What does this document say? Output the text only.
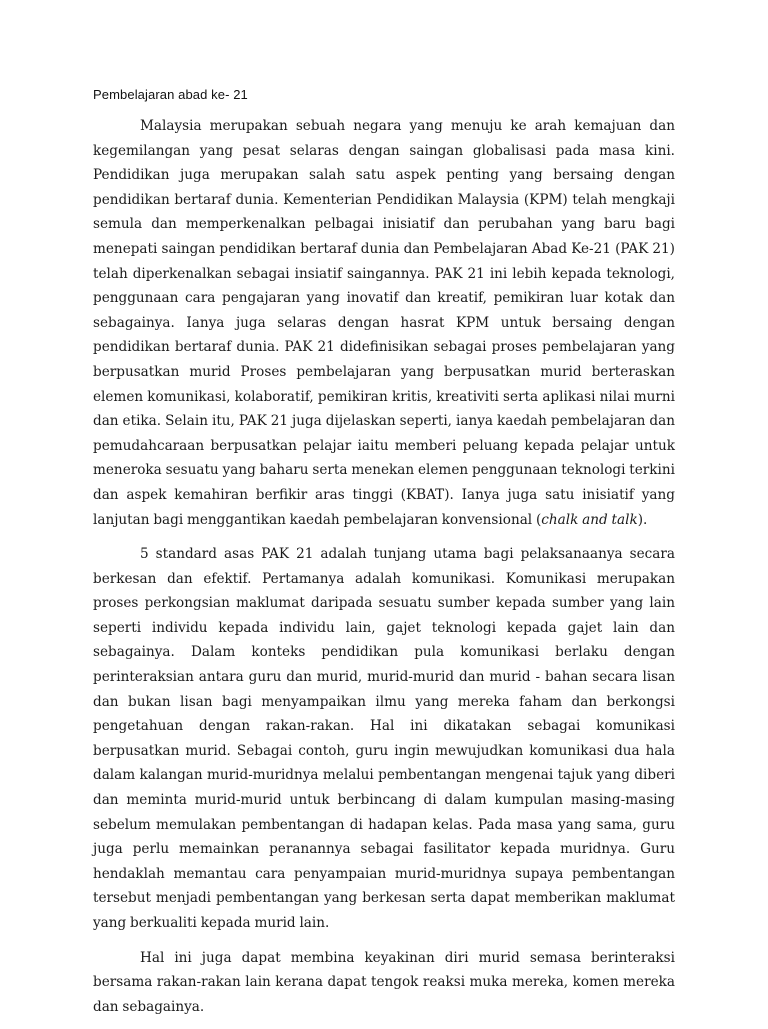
Pembelajaran abad ke- 21

Malaysia merupakan sebuah negara yang menuju ke arah kemajuan dan kegemilangan yang pesat selaras dengan saingan globalisasi pada masa kini. Pendidikan juga merupakan salah satu aspek penting yang bersaing dengan pendidikan bertaraf dunia. Kementerian Pendidikan Malaysia (KPM) telah mengkaji semula dan memperkenalkan pelbagai inisiatif dan perubahan yang baru bagi menepati saingan pendidikan bertaraf dunia dan Pembelajaran Abad Ke-21 (PAK 21) telah diperkenalkan sebagai insiatif saingannya. PAK 21 ini lebih kepada teknologi, penggunaan cara pengajaran yang inovatif dan kreatif, pemikiran luar kotak dan sebagainya. Ianya juga selaras dengan hasrat KPM untuk bersaing dengan pendidikan bertaraf dunia. PAK 21 didefinisikan sebagai proses pembelajaran yang berpusatkan murid Proses pembelajaran yang berpusatkan murid berteraskan elemen komunikasi, kolaboratif, pemikiran kritis, kreativiti serta aplikasi nilai murni dan etika. Selain itu, PAK 21 juga dijelaskan seperti, ianya kaedah pembelajaran dan pemudahcaraan berpusatkan pelajar iaitu memberi peluang kepada pelajar untuk meneroka sesuatu yang baharu serta menekan elemen penggunaan teknologi terkini dan aspek kemahiran berfikir aras tinggi (KBAT). Ianya juga satu inisiatif yang lanjutan bagi menggantikan kaedah pembelajaran konvensional (chalk and talk).

5 standard asas PAK 21 adalah tunjang utama bagi pelaksanaanya secara berkesan dan efektif. Pertamanya adalah komunikasi. Komunikasi merupakan proses perkongsian maklumat daripada sesuatu sumber kepada sumber yang lain seperti individu kepada individu lain, gajet teknologi kepada gajet lain dan sebagainya. Dalam konteks pendidikan pula komunikasi berlaku dengan perinteraksian antara guru dan murid, murid-murid dan murid - bahan secara lisan dan bukan lisan bagi menyampaikan ilmu yang mereka faham dan berkongsi pengetahuan dengan rakan-rakan. Hal ini dikatakan sebagai komunikasi berpusatkan murid. Sebagai contoh, guru ingin mewujudkan komunikasi dua hala dalam kalangan murid-muridnya melalui pembentangan mengenai tajuk yang diberi dan meminta murid-murid untuk berbincang di dalam kumpulan masing-masing sebelum memulakan pembentangan di hadapan kelas. Pada masa yang sama, guru juga perlu memainkan peranannya sebagai fasilitator kepada muridnya. Guru hendaklah memantau cara penyampaian murid-muridnya supaya pembentangan tersebut menjadi pembentangan yang berkesan serta dapat memberikan maklumat yang berkualiti kepada murid lain.

Hal ini juga dapat membina keyakinan diri murid semasa berinteraksi bersama rakan-rakan lain kerana dapat tengok reaksi muka mereka, komen mereka dan sebagainya.
